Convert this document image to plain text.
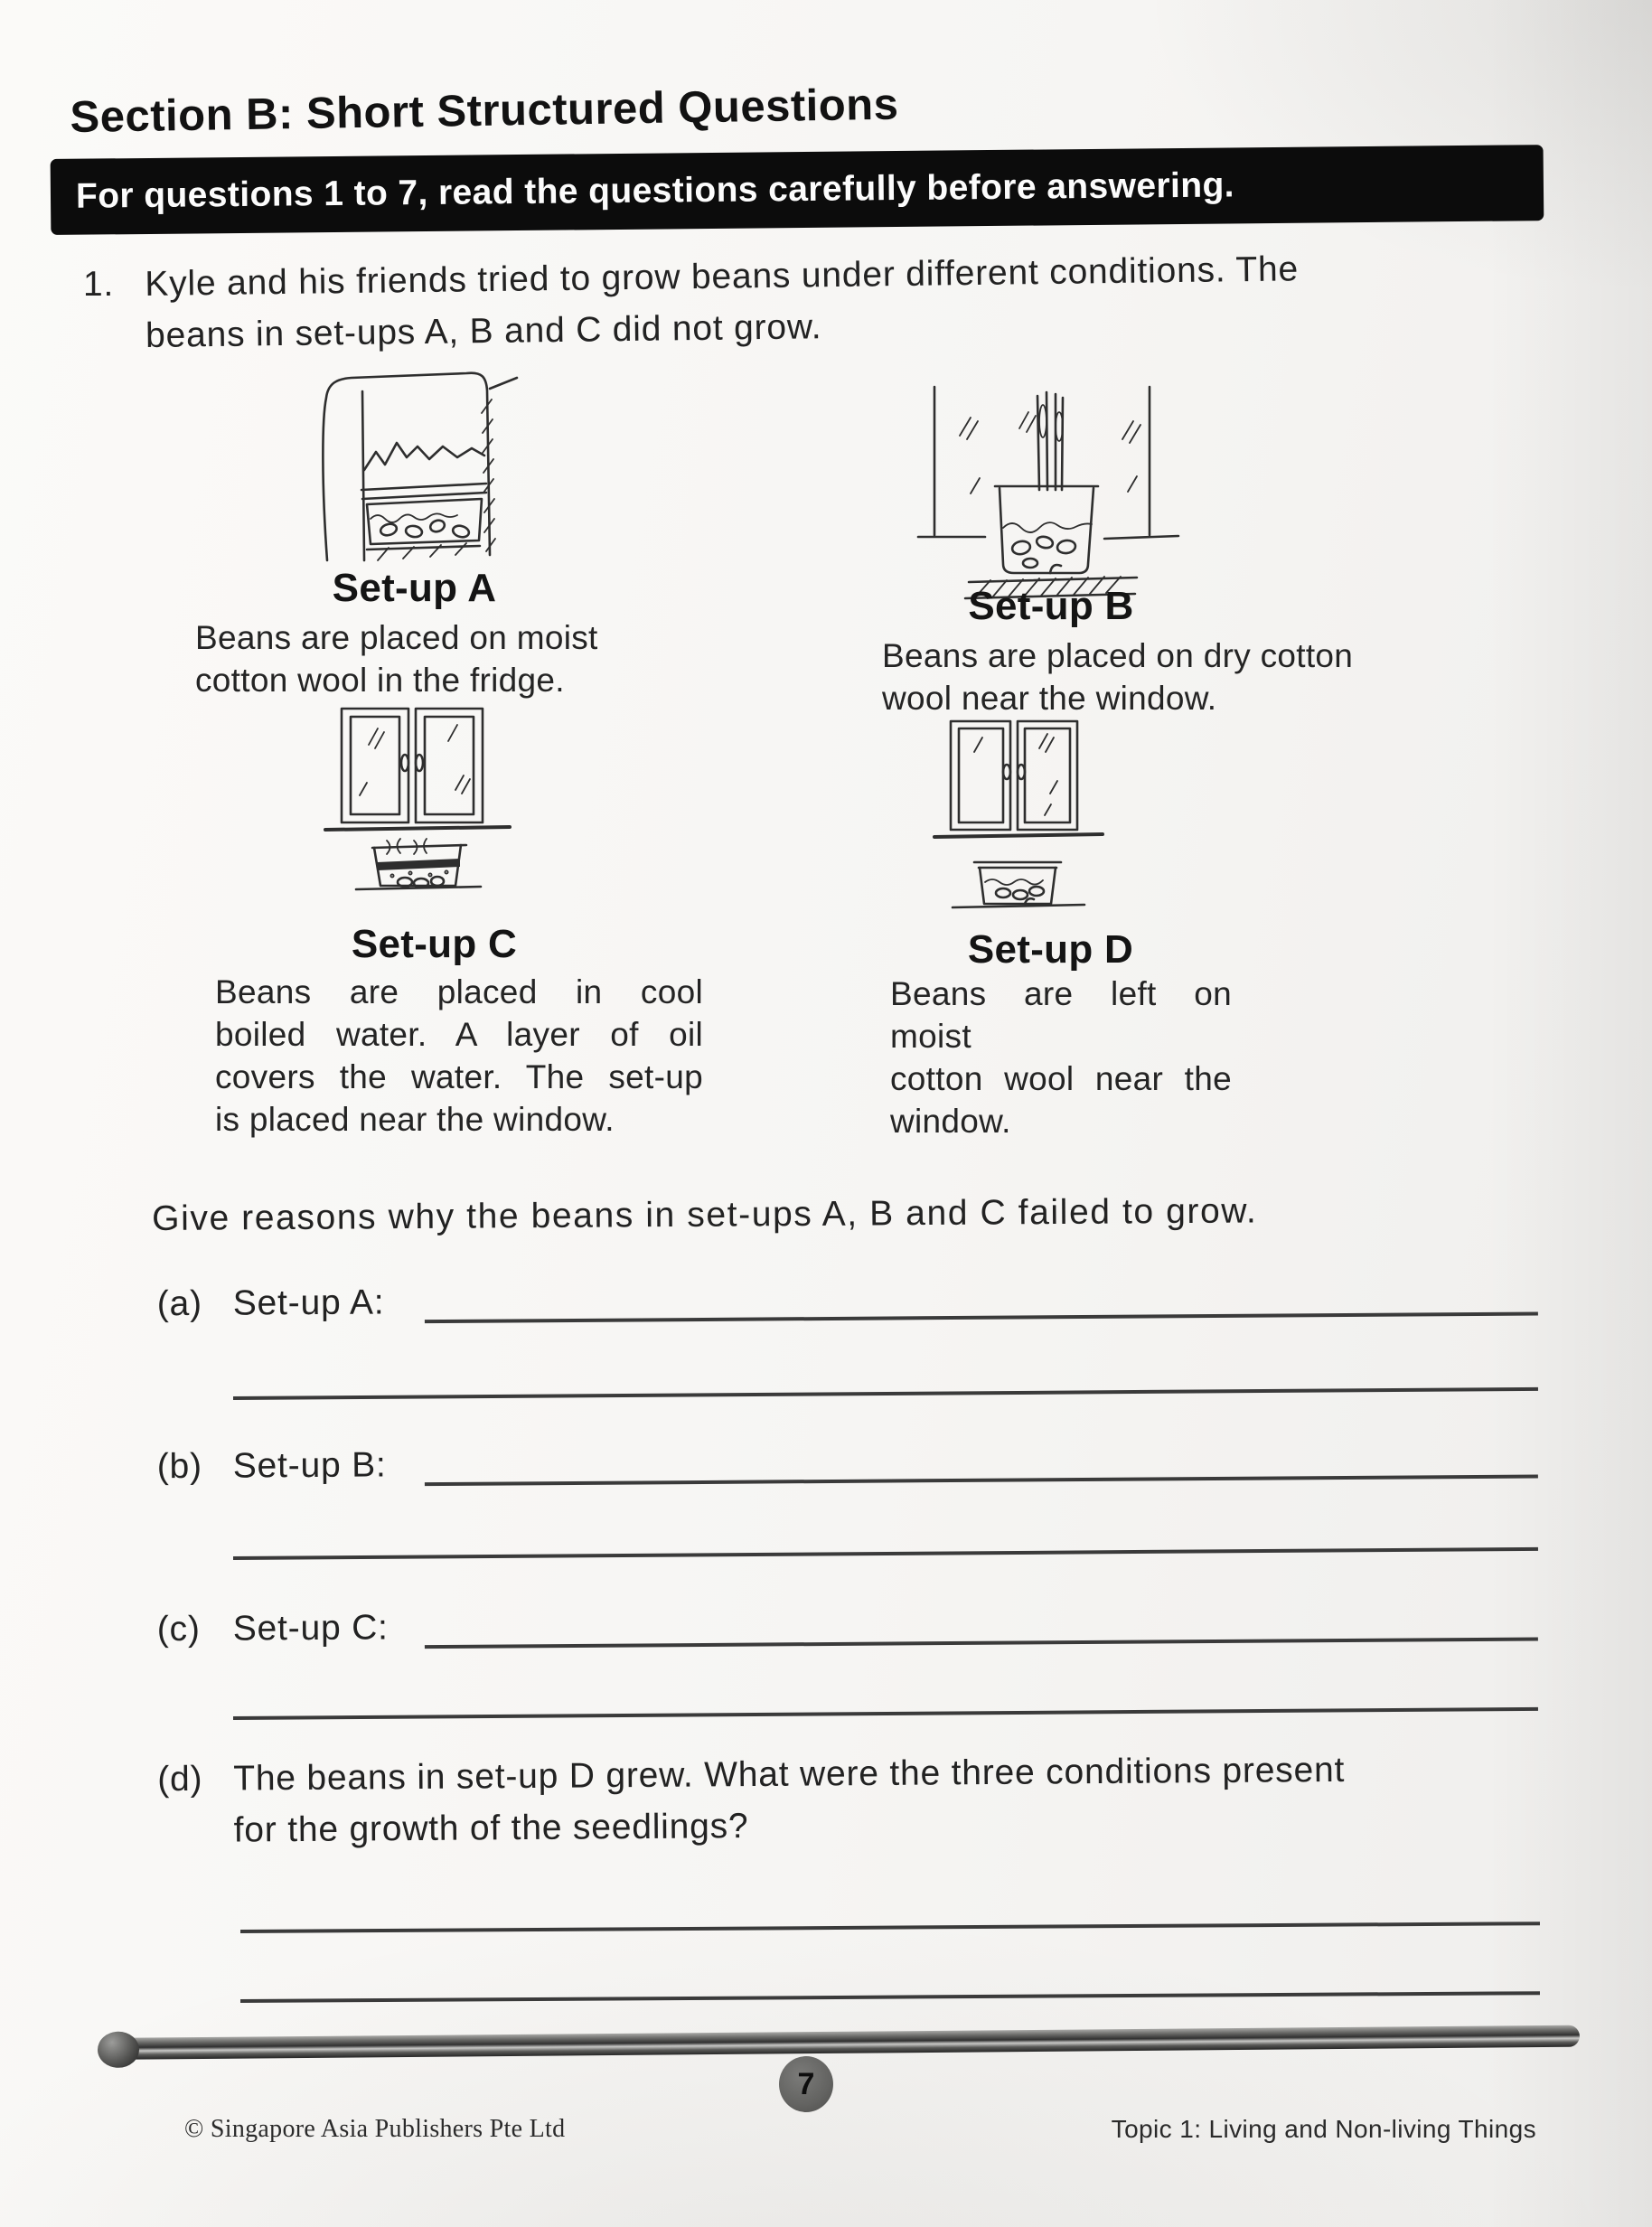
Section B: Short Structured Questions
For questions 1 to 7, read the questions carefully before answering.
1. Kyle and his friends tried to grow beans under different conditions. The
beans in set-ups A, B and C did not grow.
Set-up A
Beans are placed on moist
cotton wool in the fridge.
Set-up B
Beans are placed on dry cotton
wool near the window.
Set-up C
Beans are placed in cool
boiled water. A layer of oil
covers the water. The set-up
is placed near the window.
Set-up D
Beans are left on moist
cotton wool near the
window.
Give reasons why the beans in set-ups A, B and C failed to grow.
(a) Set-up A:
(b) Set-up B:
(c) Set-up C:
(d) The beans in set-up D grew. What were the three conditions present
for the growth of the seedlings?
© Singapore Asia Publishers Pte Ltd
7
Topic 1: Living and Non-living Things
